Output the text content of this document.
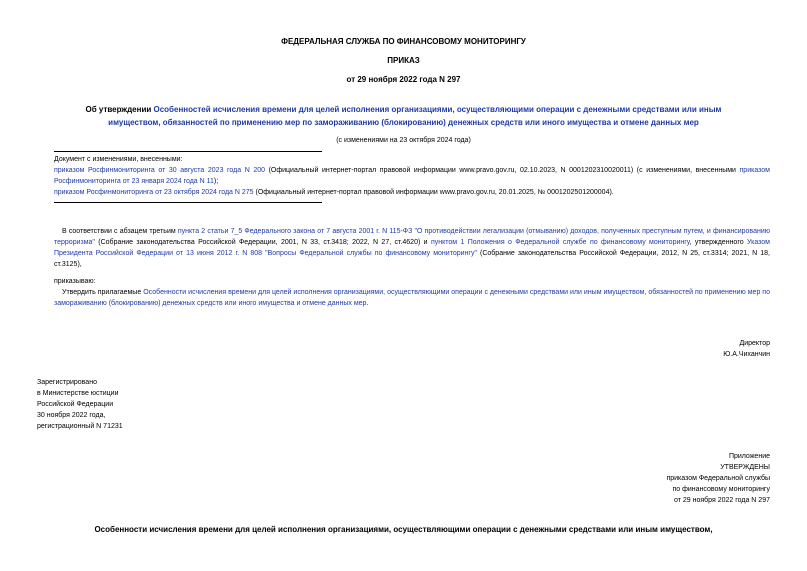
ФЕДЕРАЛЬНАЯ СЛУЖБА ПО ФИНАНСОВОМУ МОНИТОРИНГУ
ПРИКАЗ
от 29 ноября 2022 года N 297
Об утверждении Особенностей исчисления времени для целей исполнения организациями, осуществляющими операции с денежными средствами или иным
имуществом, обязанностей по применению мер по замораживанию (блокированию) денежных средств или иного имущества и отмене данных мер
(с изменениями на 23 октября 2024 года)
Документ с изменениями, внесенными:
приказом Росфинмониторинга от 30 августа 2023 года N 200 (Официальный интернет-портал правовой информации www.pravo.gov.ru, 02.10.2023, N 0001202310020011) (с изменениями, внесенными приказом Росфинмониторинга от 23 января 2024 года N 11);
приказом Росфинмониторинга от 23 октября 2024 года N 275 (Официальный интернет-портал правовой информации www.pravo.gov.ru, 20.01.2025, № 0001202501200004).
В соответствии с абзацем третьим пункта 2 статьи 7_5 Федерального закона от 7 августа 2001 г. N 115-ФЗ "О противодействии легализации (отмыванию) доходов, полученных преступным путем, и финансированию терроризма" (Собрание законодательства Российской Федерации, 2001, N 33, ст.3418; 2022, N 27, ст.4620) и пунктом 1 Положения о Федеральной службе по финансовому мониторингу, утвержденного Указом Президента Российской Федерации от 13 июня 2012 г. N 808 "Вопросы Федеральной службы по финансовому мониторингу" (Собрание законодательства Российской Федерации, 2012, N 25, ст.3314; 2021, N 18, ст.3125),
приказываю:
Утвердить прилагаемые Особенности исчисления времени для целей исполнения организациями, осуществляющими операции с денежными средствами или иным имуществом, обязанностей по применению мер по замораживанию (блокированию) денежных средств или иного имущества и отмене данных мер.
Директор
Ю.А.Чиханчин
Зарегистрировано
в Министерстве юстиции
Российской Федерации
30 ноября 2022 года,
регистрационный N 71231
Приложение
УТВЕРЖДЕНЫ
приказом Федеральной службы
по финансовому мониторингу
от 29 ноября 2022 года N 297
Особенности исчисления времени для целей исполнения организациями, осуществляющими операции с денежными средствами или иным имуществом,
